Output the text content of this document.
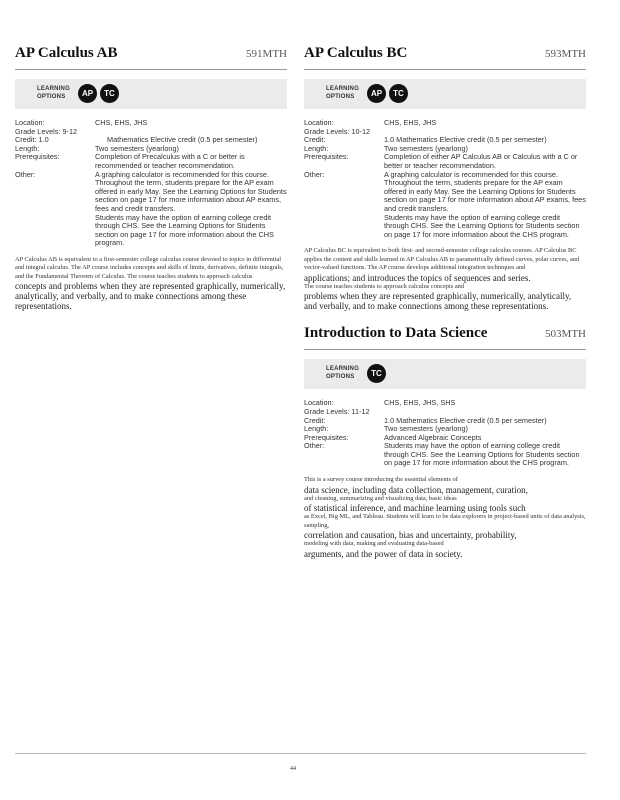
AP Calculus AB	591MTH
LEARNING
OPTIONS	AP	TC
Location:	CHS, EHS, JHS
Grade Levels: 9-12
Credit: 1.0	Mathematics Elective credit (0.5 per semester)
Length:	Two semesters (yearlong)
Prerequisites:	Completion of Precalculus with a C or better is recommended or teacher recommendation.
Other:	A graphing calculator is recommended for this course.
Throughout the term, students prepare for the AP exam offered in early May. See the Learning Options for Students section on page 17 for more information about AP exams, fees and credit transfers.
Students may have the option of earning college credit through CHS. See the Learning Options for Students section on page 17 for more information about the CHS program.
AP Calculus AB is equivalent to a first-semester college calculus course devoted to topics in differential and integral calculus. The AP course includes concepts and skills of limits, derivatives, definite integrals, and the Fundamental Theorem of Calculus. The course teaches students to approach calculus
concepts and problems when they are represented graphically, numerically, analytically, and verbally, and to make connections among these representations.
AP Calculus BC	593MTH
LEARNING
OPTIONS	AP	TC
Location:	CHS, EHS, JHS
Grade Levels: 10-12
Credit:	1.0 Mathematics Elective credit (0.5 per semester)
Length:	Two semesters (yearlong)
Prerequisites:	Completion of either AP Calculus AB or Calculus with a C or better or teacher recommendation.
Other:	A graphing calculator is recommended for this course.
Throughout the term, students prepare for the AP exam offered in early May. See the Learning Options for Students section on page 17 for more information about AP exams, fees and credit transfers.
Students may have the option of earning college credit through CHS. See the Learning Options for Students section on page 17 for more information about the CHS program.
AP Calculus BC is equivalent to both first- and second-semester college calculus courses. AP Calculus BC applies the content and skills learned in AP Calculus AB to parametrically defined curves, polar curves, and vector-valued functions. The AP course develops additional integration techniques and
applications; and introduces the topics of sequences and series.
The course teaches students to approach calculus concepts and
problems when they are represented graphically, numerically, analytically, and verbally, and to make connections among these representations.
Introduction to Data Science	503MTH
LEARNING
OPTIONS	TC
Location:	CHS, EHS, JHS, SHS
Grade Levels: 11-12
Credit:	1.0 Mathematics Elective credit (0.5 per semester)
Length:	Two semesters (yearlong)
Prerequisites:	Advanced Algebraic Concepts
Other:	Students may have the option of earning college credit through CHS. See the Learning Options for Students section on page 17 for more information about the CHS program.
This is a survey course introducing the essential elements of
data science, including data collection, management, curation,
and cleaning, summarizing and visualizing data, basic ideas
of statistical inference, and machine learning using tools such
as Excel, Big ML, and Tableau. Students will learn to be data explorers in project-based units of data analysis, sampling,
correlation and causation, bias and uncertainty, probability,
modeling with data, making and evaluating data-based
arguments, and the power of data in society.
44
